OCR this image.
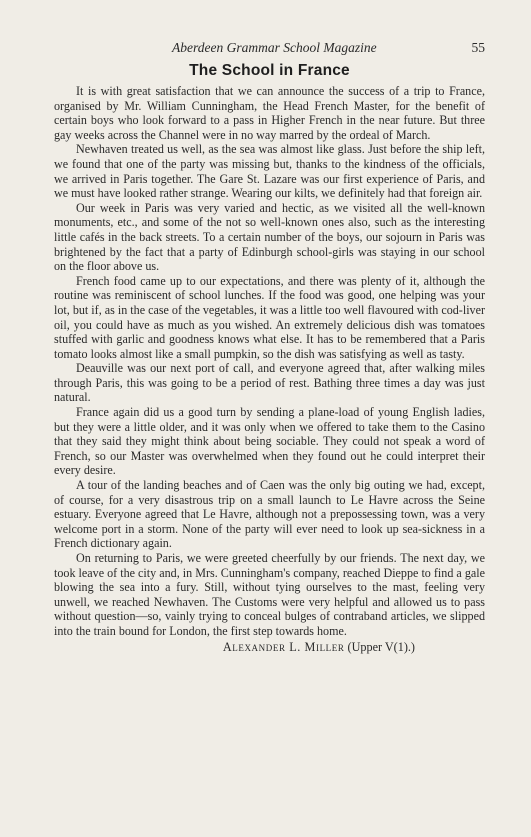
Aberdeen Grammar School Magazine	55
The School in France

It is with great satisfaction that we can announce the success of a trip to France, organised by Mr. William Cunningham, the Head French Master, for the benefit of certain boys who look forward to a pass in Higher French in the near future. But three gay weeks across the Channel were in no way marred by the ordeal of March.

Newhaven treated us well, as the sea was almost like glass. Just before the ship left, we found that one of the party was missing but, thanks to the kindness of the officials, we arrived in Paris together. The Gare St. Lazare was our first experience of Paris, and we must have looked rather strange. Wearing our kilts, we definitely had that foreign air.

Our week in Paris was very varied and hectic, as we visited all the well-known monuments, etc., and some of the not so well-known ones also, such as the interesting little cafés in the back streets. To a certain number of the boys, our sojourn in Paris was brightened by the fact that a party of Edinburgh school-girls was staying in our school on the floor above us.

French food came up to our expectations, and there was plenty of it, although the routine was reminiscent of school lunches. If the food was good, one helping was your lot, but if, as in the case of the vegetables, it was a little too well flavoured with cod-liver oil, you could have as much as you wished. An extremely delicious dish was tomatoes stuffed with garlic and goodness knows what else. It has to be remembered that a Paris tomato looks almost like a small pumpkin, so the dish was satisfying as well as tasty.

Deauville was our next port of call, and everyone agreed that, after walking miles through Paris, this was going to be a period of rest. Bathing three times a day was just natural.

France again did us a good turn by sending a plane-load of young English ladies, but they were a little older, and it was only when we offered to take them to the Casino that they said they might think about being sociable. They could not speak a word of French, so our Master was overwhelmed when they found out he could interpret their every desire.

A tour of the landing beaches and of Caen was the only big outing we had, except, of course, for a very disastrous trip on a small launch to Le Havre across the Seine estuary. Everyone agreed that Le Havre, although not a prepossessing town, was a very welcome port in a storm. None of the party will ever need to look up sea-sickness in a French dictionary again.

On returning to Paris, we were greeted cheerfully by our friends. The next day, we took leave of the city and, in Mrs. Cunningham's company, reached Dieppe to find a gale blowing the sea into a fury. Still, without tying ourselves to the mast, feeling very unwell, we reached Newhaven. The Customs were very helpful and allowed us to pass without question—so, vainly trying to conceal bulges of contraband articles, we slipped into the train bound for London, the first step towards home.

Alexander L. Miller (Upper V(1).)
